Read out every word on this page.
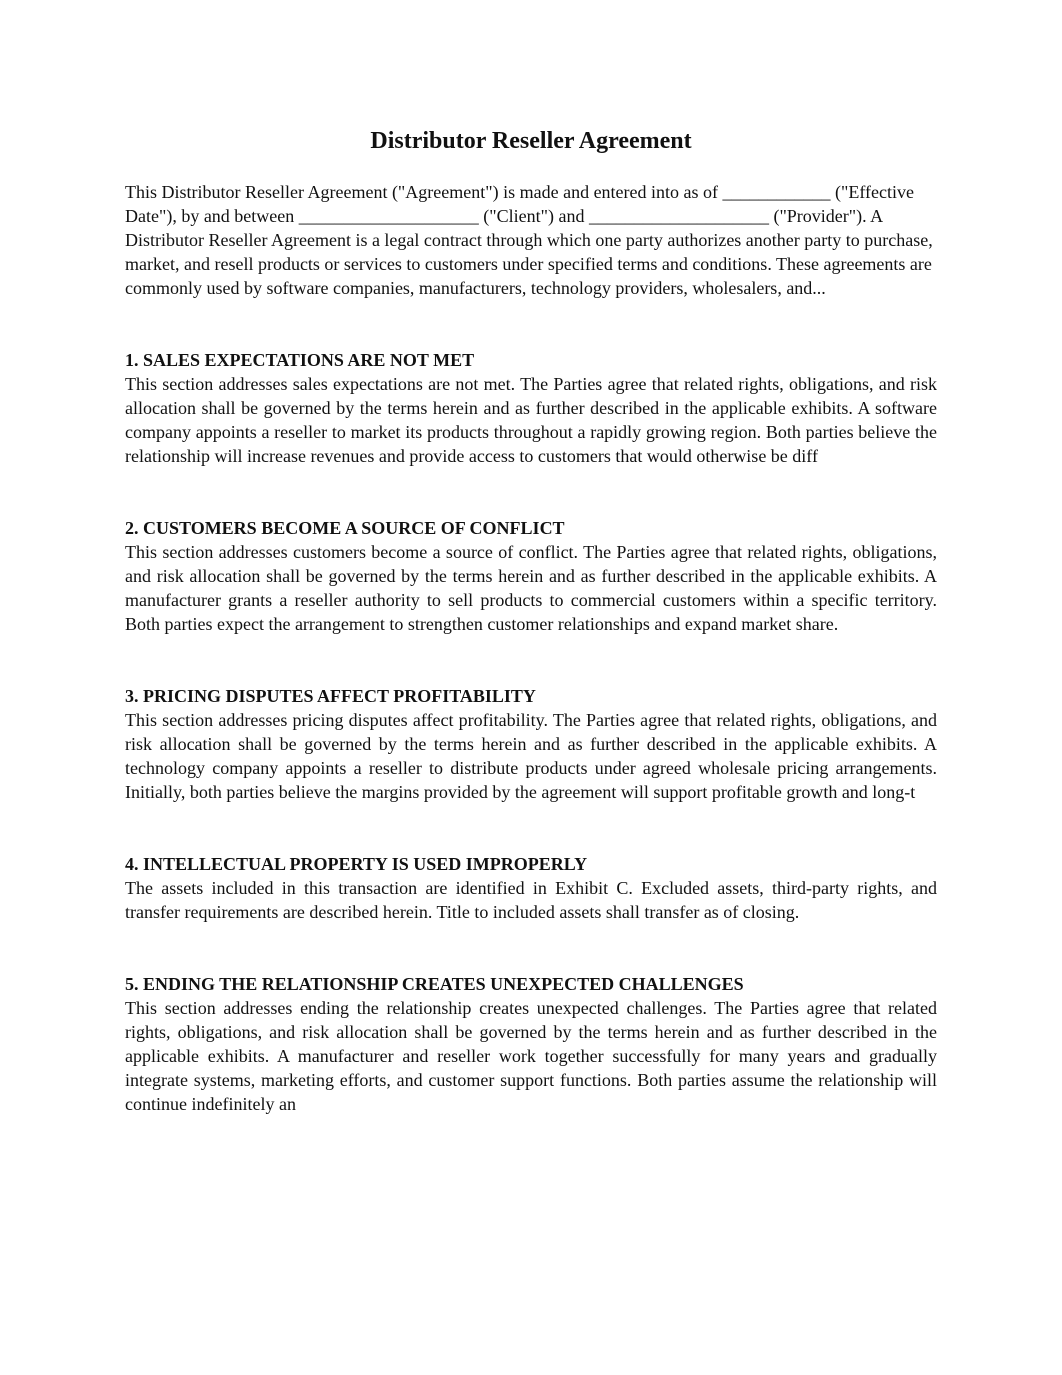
Distributor Reseller Agreement

This Distributor Reseller Agreement ("Agreement") is made and entered into as of ____________ ("Effective Date"), by and between ____________________ ("Client") and ____________________ ("Provider"). A Distributor Reseller Agreement is a legal contract through which one party authorizes another party to purchase, market, and resell products or services to customers under specified terms and conditions. These agreements are commonly used by software companies, manufacturers, technology providers, wholesalers, and...

1. SALES EXPECTATIONS ARE NOT MET

This section addresses sales expectations are not met. The Parties agree that related rights, obligations, and risk allocation shall be governed by the terms herein and as further described in the applicable exhibits. A software company appoints a reseller to market its products throughout a rapidly growing region. Both parties believe the relationship will increase revenues and provide access to customers that would otherwise be diff

2. CUSTOMERS BECOME A SOURCE OF CONFLICT

This section addresses customers become a source of conflict. The Parties agree that related rights, obligations, and risk allocation shall be governed by the terms herein and as further described in the applicable exhibits. A manufacturer grants a reseller authority to sell products to commercial customers within a specific territory. Both parties expect the arrangement to strengthen customer relationships and expand market share.

3. PRICING DISPUTES AFFECT PROFITABILITY

This section addresses pricing disputes affect profitability. The Parties agree that related rights, obligations, and risk allocation shall be governed by the terms herein and as further described in the applicable exhibits. A technology company appoints a reseller to distribute products under agreed wholesale pricing arrangements. Initially, both parties believe the margins provided by the agreement will support profitable growth and long-t

4. INTELLECTUAL PROPERTY IS USED IMPROPERLY

The assets included in this transaction are identified in Exhibit C. Excluded assets, third-party rights, and transfer requirements are described herein. Title to included assets shall transfer as of closing.

5. ENDING THE RELATIONSHIP CREATES UNEXPECTED CHALLENGES

This section addresses ending the relationship creates unexpected challenges. The Parties agree that related rights, obligations, and risk allocation shall be governed by the terms herein and as further described in the applicable exhibits. A manufacturer and reseller work together successfully for many years and gradually integrate systems, marketing efforts, and customer support functions. Both parties assume the relationship will continue indefinitely an
